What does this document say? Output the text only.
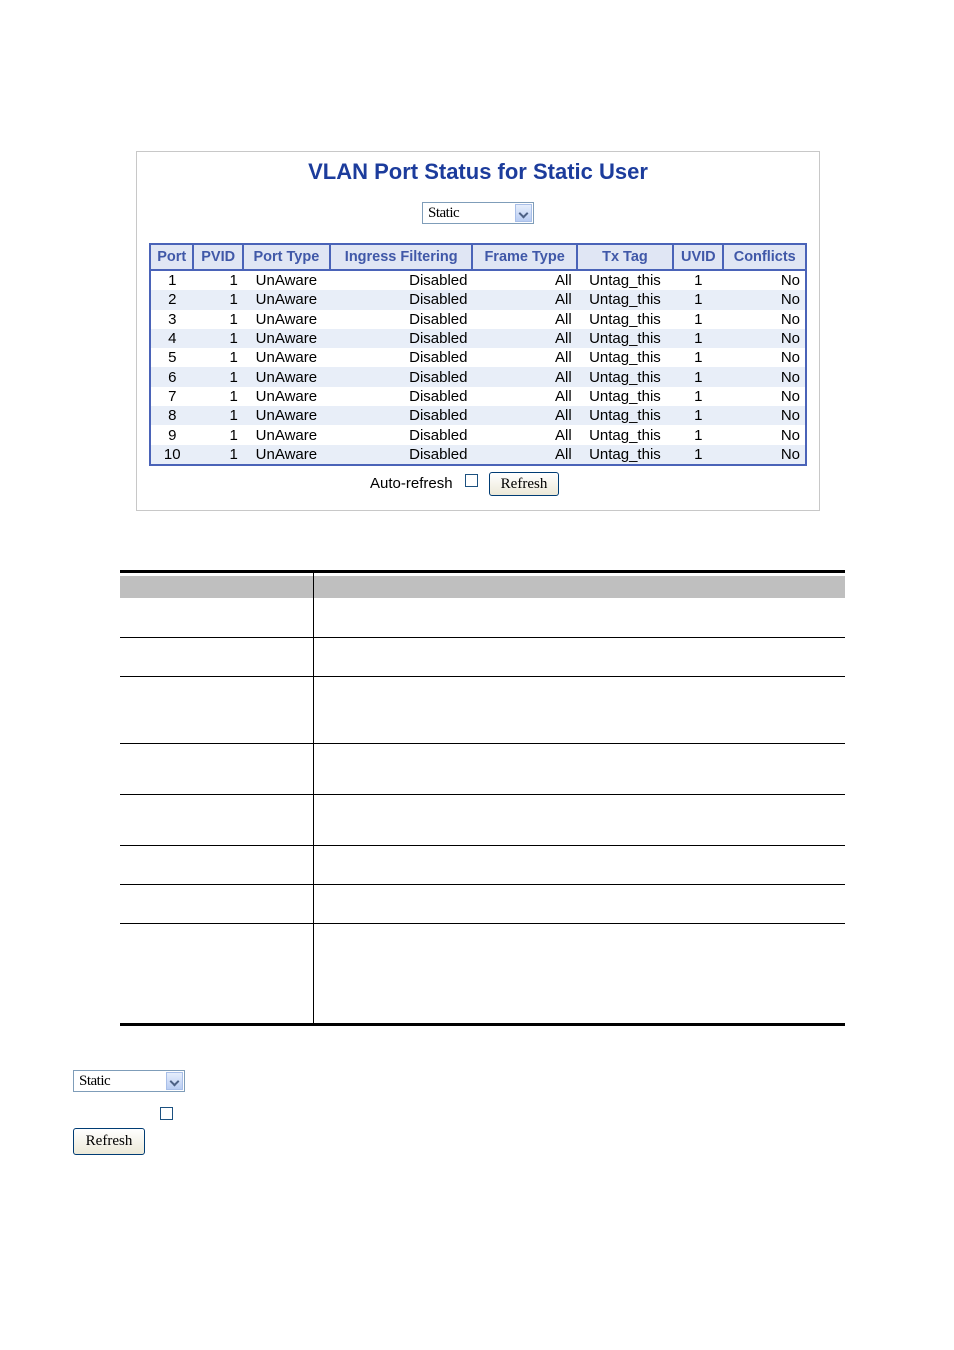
VLAN Port Status for Static User
Static
Port	PVID	Port Type	Ingress Filtering	Frame Type	Tx Tag	UVID	Conflicts
1	1	UnAware	Disabled	All	Untag_this	1	No
2	1	UnAware	Disabled	All	Untag_this	1	No
3	1	UnAware	Disabled	All	Untag_this	1	No
4	1	UnAware	Disabled	All	Untag_this	1	No
5	1	UnAware	Disabled	All	Untag_this	1	No
6	1	UnAware	Disabled	All	Untag_this	1	No
7	1	UnAware	Disabled	All	Untag_this	1	No
8	1	UnAware	Disabled	All	Untag_this	1	No
9	1	UnAware	Disabled	All	Untag_this	1	No
10	1	UnAware	Disabled	All	Untag_this	1	No
Auto-refresh	Refresh
Static
Refresh
